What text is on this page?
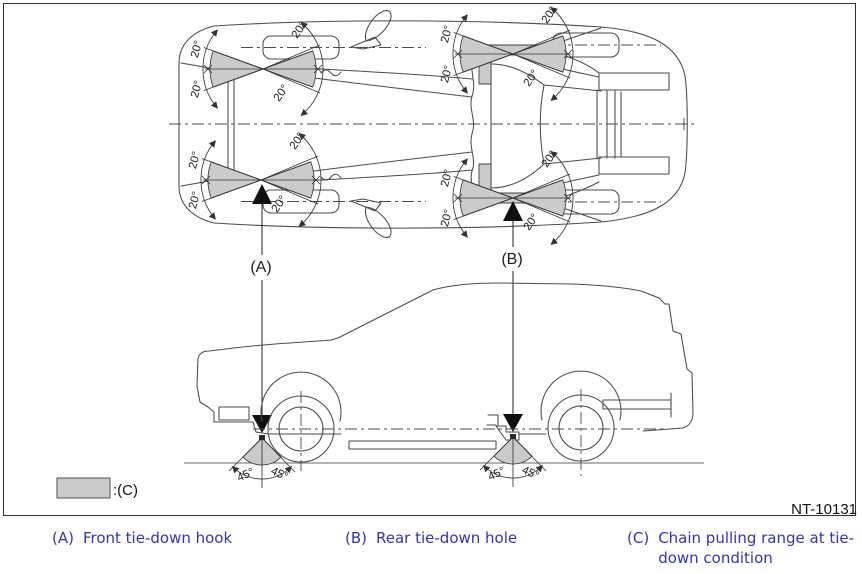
20°
20°
20°
20°
20°
20°
20°
20°
20°
20°
20°
20°
20°
20°
20°
20°
(A)	(B)
45° 45°	45° 45°
:(C)
NT-10131
(A) Front tie-down hook	(B) Rear tie-down hole	(C) Chain pulling range at tie-down condition
